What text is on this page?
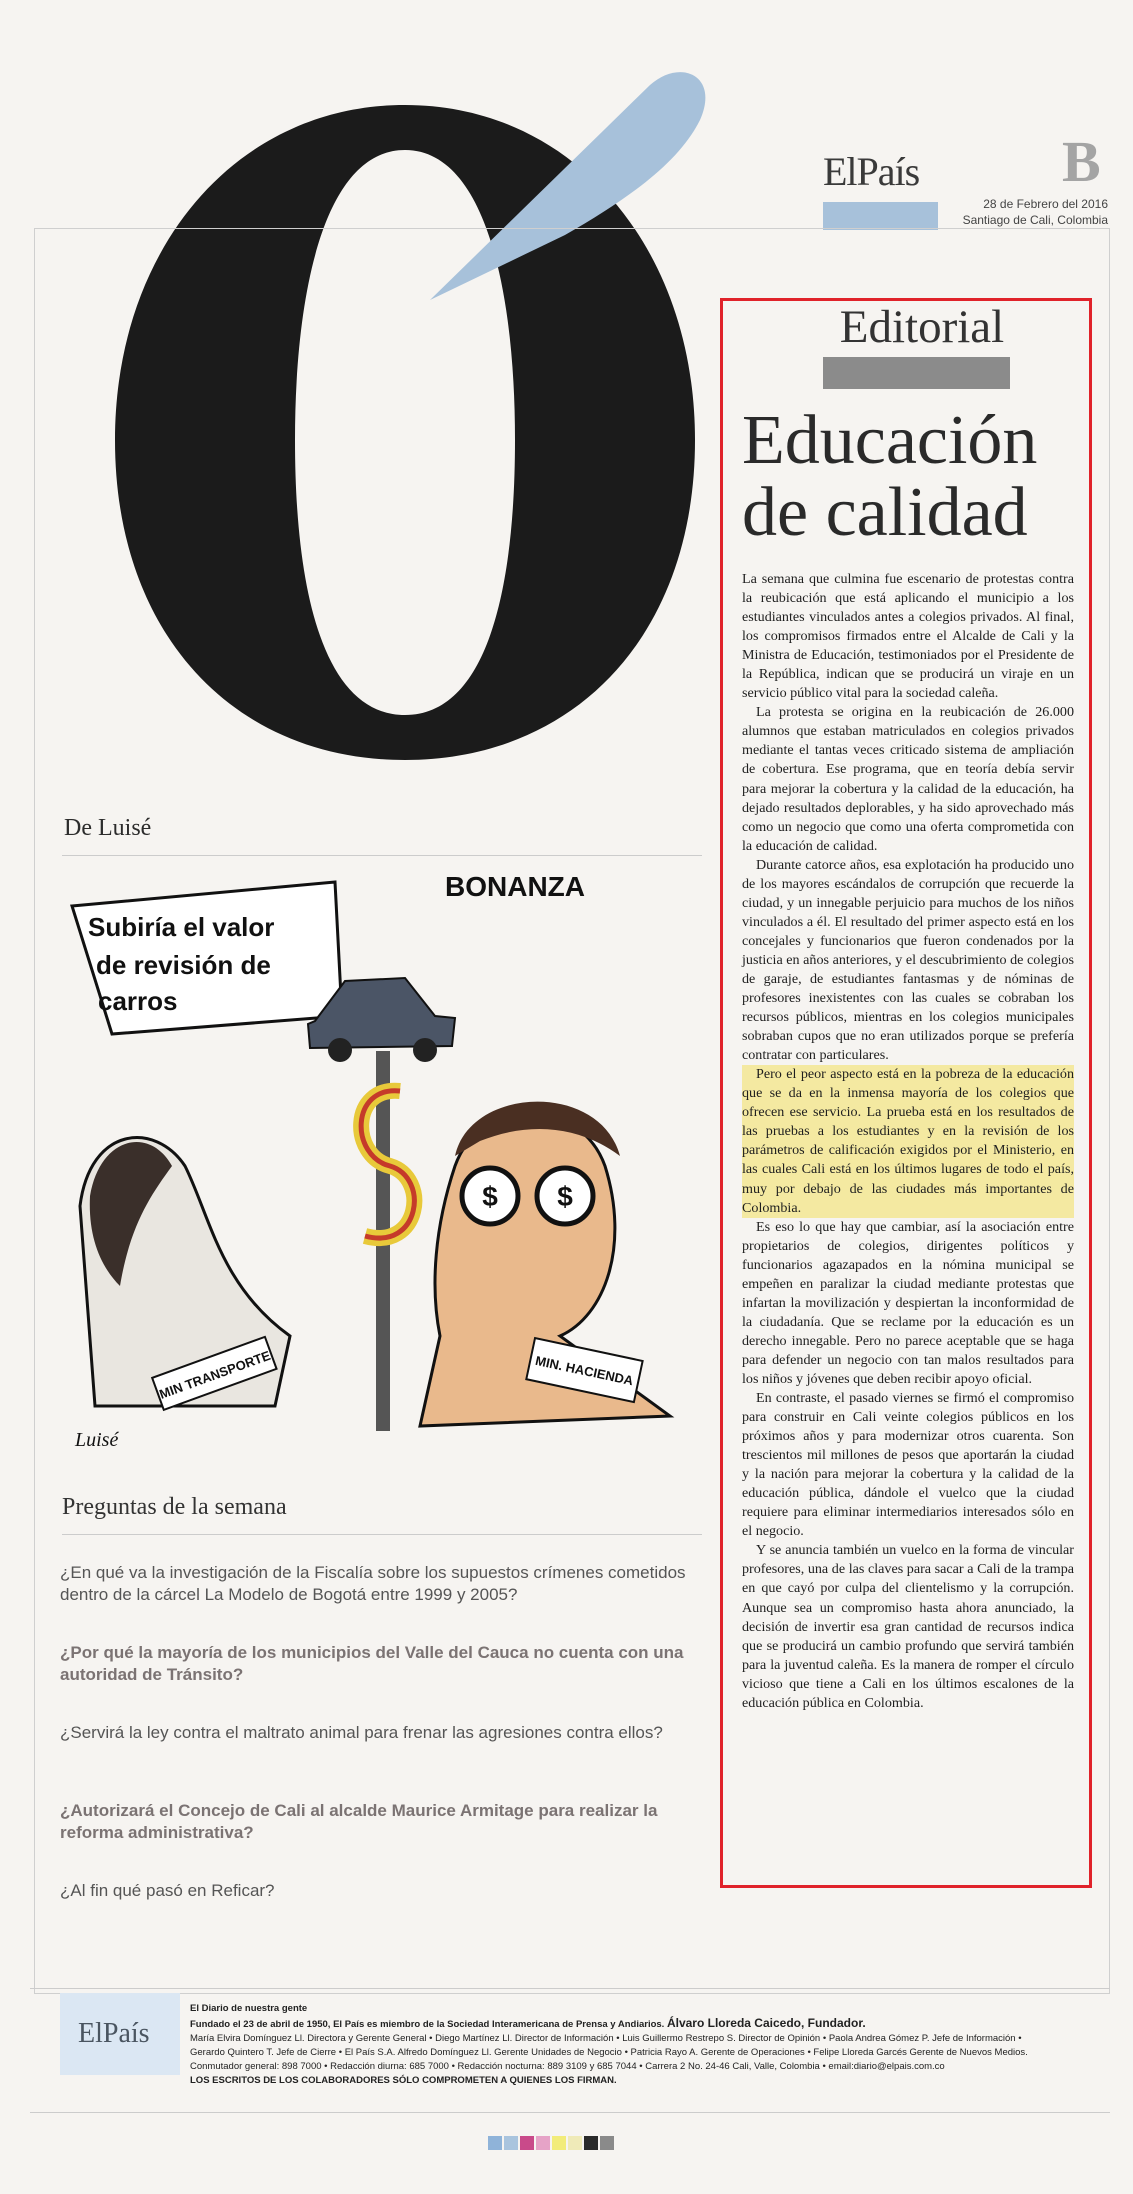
ElPaís B
28 de Febrero del 2016
Santiago de Cali, Colombia
Editorial
Educación
de calidad

La semana que culmina fue escenario de protestas contra la reubicación que está aplicando el municipio a los estudiantes vinculados antes a colegios privados. Al final, los compromisos firmados entre el Alcalde de Cali y la Ministra de Educación, testimoniados por el Presidente de la República, indican que se producirá un viraje en un servicio público vital para la sociedad caleña.

La protesta se origina en la reubicación de 26.000 alumnos que estaban matriculados en colegios privados mediante el tantas veces criticado sistema de ampliación de cobertura. Ese programa, que en teoría debía servir para mejorar la cobertura y la calidad de la educación, ha dejado resultados deplorables, y ha sido aprovechado más como un negocio que como una oferta comprometida con la educación de calidad.

Durante catorce años, esa explotación ha producido uno de los mayores escándalos de corrupción que recuerde la ciudad, y un innegable perjuicio para muchos de los niños vinculados a él. El resultado del primer aspecto está en los concejales y funcionarios que fueron condenados por la justicia en años anteriores, y el descubrimiento de colegios de garaje, de estudiantes fantasmas y de nóminas de profesores inexistentes con las cuales se cobraban los recursos públicos, mientras en los colegios municipales sobraban cupos que no eran utilizados porque se prefería contratar con particulares.

Pero el peor aspecto está en la pobreza de la educación que se da en la inmensa mayoría de los colegios que ofrecen ese servicio. La prueba está en los resultados de las pruebas a los estudiantes y en la revisión de los parámetros de calificación exigidos por el Ministerio, en las cuales Cali está en los últimos lugares de todo el país, muy por debajo de las ciudades más importantes de Colombia.

Es eso lo que hay que cambiar, así la asociación entre propietarios de colegios, dirigentes políticos y funcionarios agazapados en la nómina municipal se empeñen en paralizar la ciudad mediante protestas que infartan la movilización y despiertan la inconformidad de la ciudadanía. Que se reclame por la educación es un derecho innegable. Pero no parece aceptable que se haga para defender un negocio con tan malos resultados para los niños y jóvenes que deben recibir apoyo oficial.

En contraste, el pasado viernes se firmó el compromiso para construir en Cali veinte colegios públicos en los próximos años y para modernizar otros cuarenta. Son trescientos mil millones de pesos que aportarán la ciudad y la nación para mejorar la cobertura y la calidad de la educación pública, dándole el vuelco que la ciudad requiere para eliminar intermediarios interesados sólo en el negocio.

Y se anuncia también un vuelco en la forma de vincular profesores, una de las claves para sacar a Cali de la trampa en que cayó por culpa del clientelismo y la corrupción. Aunque sea un compromiso hasta ahora anunciado, la decisión de invertir esa gran cantidad de recursos indica que se producirá un cambio profundo que servirá también para la juventud caleña. Es la manera de romper el círculo vicioso que tiene a Cali en los últimos escalones de la educación pública en Colombia.

De Luisé
BONANZA
Subiría el valor
de revisión de
carros
MIN TRANSPORTE
$ $
MIN. HACIENDA
Luisé
Preguntas de la semana
¿En qué va la investigación de la Fiscalía sobre los supuestos crímenes cometidos dentro de la cárcel La Modelo de Bogotá entre 1999 y 2005?
¿Por qué la mayoría de los municipios del Valle del Cauca no cuenta con una autoridad de Tránsito?
¿Servirá la ley contra el maltrato animal para frenar las agresiones contra ellos?
¿Autorizará el Concejo de Cali al alcalde Maurice Armitage para realizar la reforma administrativa?
¿Al fin qué pasó en Reficar?
ElPaís
El Diario de nuestra gente
Fundado el 23 de abril de 1950, El País es miembro de la Sociedad Interamericana de Prensa y Andiarios. Álvaro Lloreda Caicedo, Fundador.
María Elvira Domínguez Ll. Directora y Gerente General • Diego Martínez Ll. Director de Información • Luis Guillermo Restrepo S. Director de Opinión • Paola Andrea Gómez P. Jefe de Información •
Gerardo Quintero T. Jefe de Cierre • El País S.A. Alfredo Domínguez Ll. Gerente Unidades de Negocio • Patricia Rayo A. Gerente de Operaciones • Felipe Lloreda Garcés Gerente de Nuevos Medios.
Conmutador general: 898 7000 • Redacción diurna: 685 7000 • Redacción nocturna: 889 3109 y 685 7044 • Carrera 2 No. 24-46 Cali, Valle, Colombia • email:diario@elpais.com.co
LOS ESCRITOS DE LOS COLABORADORES SÓLO COMPROMETEN A QUIENES LOS FIRMAN.
